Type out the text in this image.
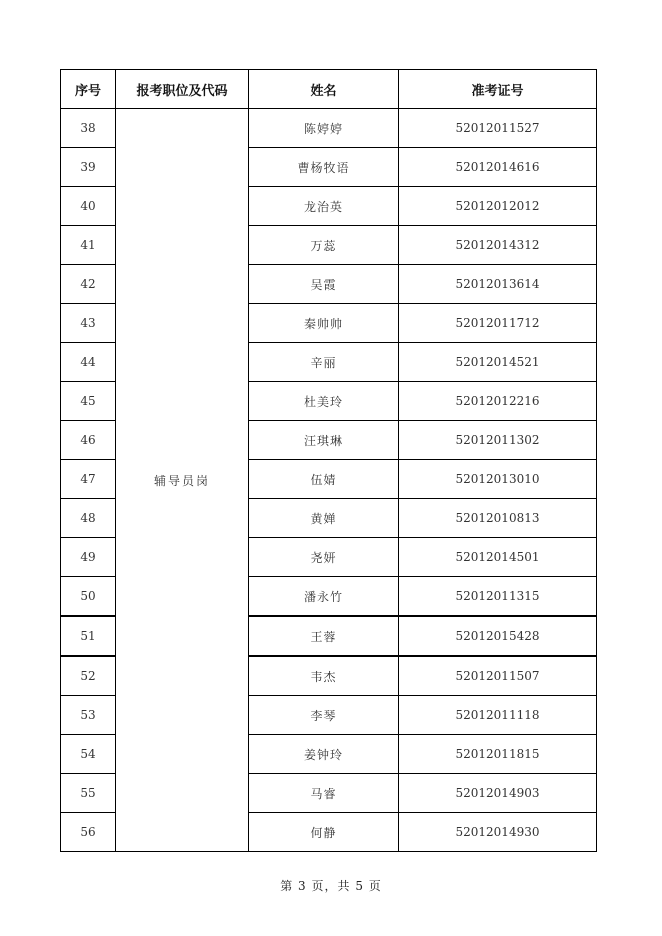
序号	报考职位及代码	姓名	准考证号
38	辅导员岗	陈婷婷	52012011527
39		曹杨牧语	52012014616
40		龙治英	52012012012
41		万蕊	52012014312
42		吴霞	52012013614
43		秦帅帅	52012011712
44		辛丽	52012014521
45		杜美玲	52012012216
46		汪琪琳	52012011302
47		伍婧	52012013010
48		黄婵	52012010813
49		尧妍	52012014501
50		潘永竹	52012011315
51		王蓉	52012015428
52		韦杰	52012011507
53		李琴	52012011118
54		姜钟玲	52012011815
55		马睿	52012014903
56		何静	52012014930
第 3 页，共 5 页
